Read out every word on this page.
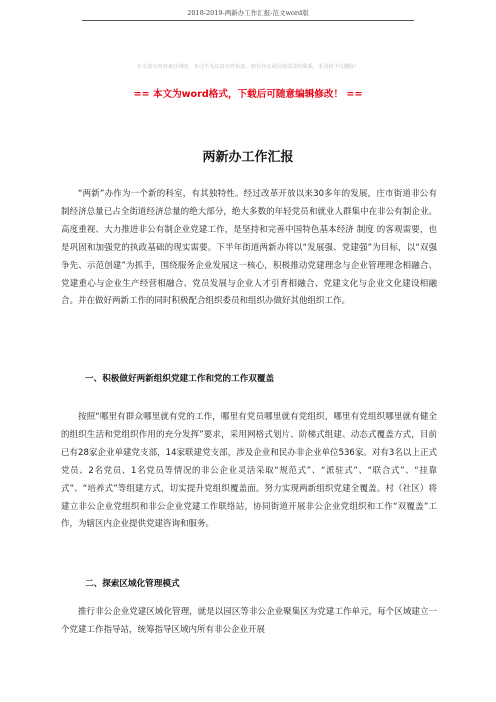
2018-2019-两新办工作汇报-范文word版
本文部分内容来自网络，本司不为其真实性负责，如有异议或侵权请及时联系，本司将予以删除！
== 本文为word格式，下载后可随意编辑修改！ ==
两新办工作汇报

“两新”办作为一个新的科室，有其独特性。经过改革开放以来30多年的发展，庄市街道非公有制经济总量已占全街道经济总量的绝大部分，绝大多数的年轻党员和就业人群集中在非公有制企业。高度重视、大力推进非公有制企业党建工作，是坚持和完善中国特色基本经济 制度 的客观需要，也是巩固和加强党的执政基础的现实需要。下半年街道两新办将以“发展强、党建强”为目标，以“双强争先、示范创建”为抓手，围绕服务企业发展这一核心，积极推动党建理念与企业管理理念相融合、党建重心与企业生产经营相融合、党员发展与企业人才引育相融合、党建文化与企业文化建设相融合。并在做好两新工作的同时积极配合组织委员和组织办做好其他组织工作。

一、积极做好两新组织党建工作和党的工作双覆盖

按照“哪里有群众哪里就有党的工作，哪里有党员哪里就有党组织，哪里有党组织哪里就有健全的组织生活和党组织作用的充分发挥”要求，采用网格式划片、阶梯式组建、动态式覆盖方式，目前已有28家企业单建党支部，14家联建党支部，涉及企业和民办非企业单位536家。对有3名以上正式党员、2名党员、1名党员等情况的非公企业灵活采取“规范式”、“派驻式”、“联合式”、“挂靠式”、“培养式”等组建方式，切实提升党组织覆盖面。努力实现两新组织党建全覆盖。村（社区）将建立非公企业党组织和非公企业党建工作联络站，协同街道开展非公企业党组织和工作“双覆盖”工作，为辖区内企业提供党建咨询和服务。

二、探索区域化管理模式

推行非公企业党建区域化管理，就是以园区等非公企业聚集区为党建工作单元，每个区域建立一个党建工作指导站，统筹指导区域内所有非公企业开展
